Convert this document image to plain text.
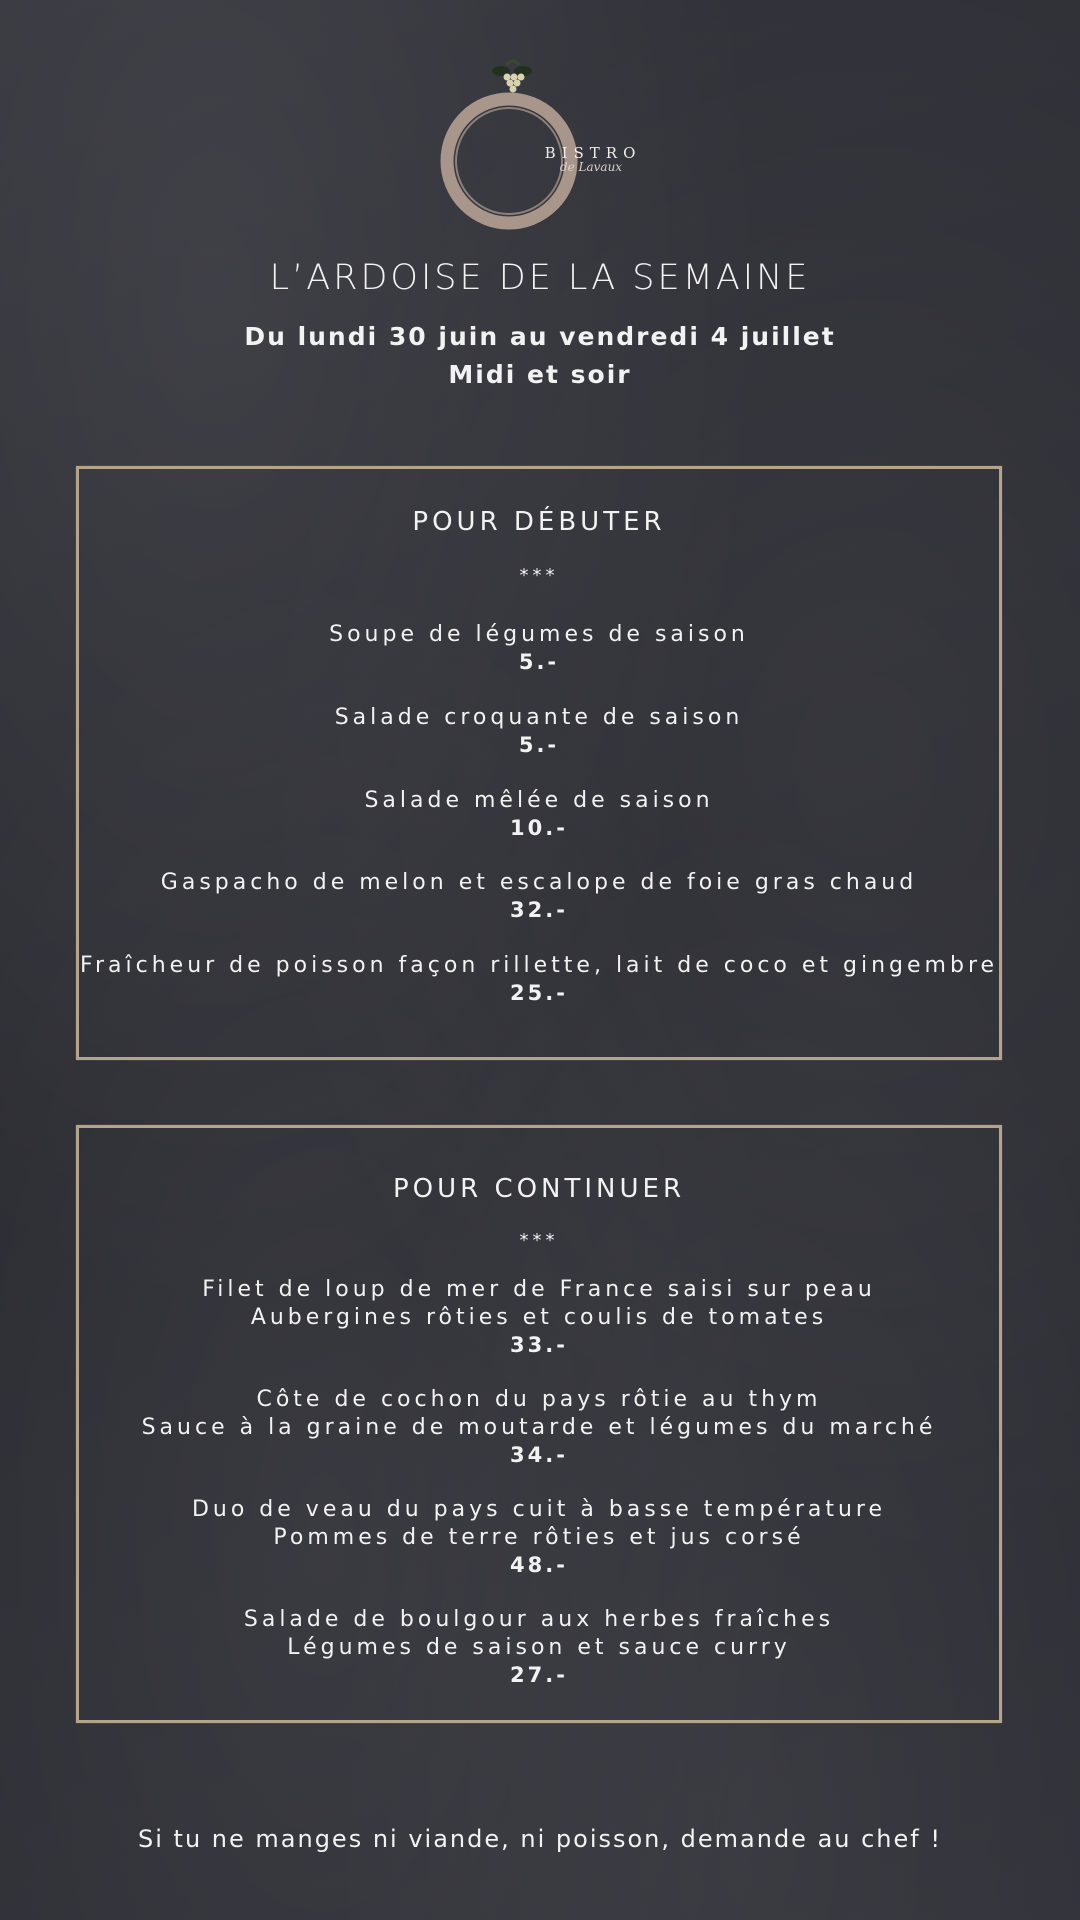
BISTRO
de Lavaux
L’ARDOISE DE LA SEMAINE
Du lundi 30 juin au vendredi 4 juillet
Midi et soir
POUR DÉBUTER
***
Soupe de légumes de saison
5.-
Salade croquante de saison
5.-
Salade mêlée de saison
10.-
Gaspacho de melon et escalope de foie gras chaud
32.-
Fraîcheur de poisson façon rillette, lait de coco et gingembre
25.-
POUR CONTINUER
***
Filet de loup de mer de France saisi sur peau
Aubergines rôties et coulis de tomates
33.-
Côte de cochon du pays rôtie au thym
Sauce à la graine de moutarde et légumes du marché
34.-
Duo de veau du pays cuit à basse température
Pommes de terre rôties et jus corsé
48.-
Salade de boulgour aux herbes fraîches
Légumes de saison et sauce curry
27.-
Si tu ne manges ni viande, ni poisson, demande au chef !
